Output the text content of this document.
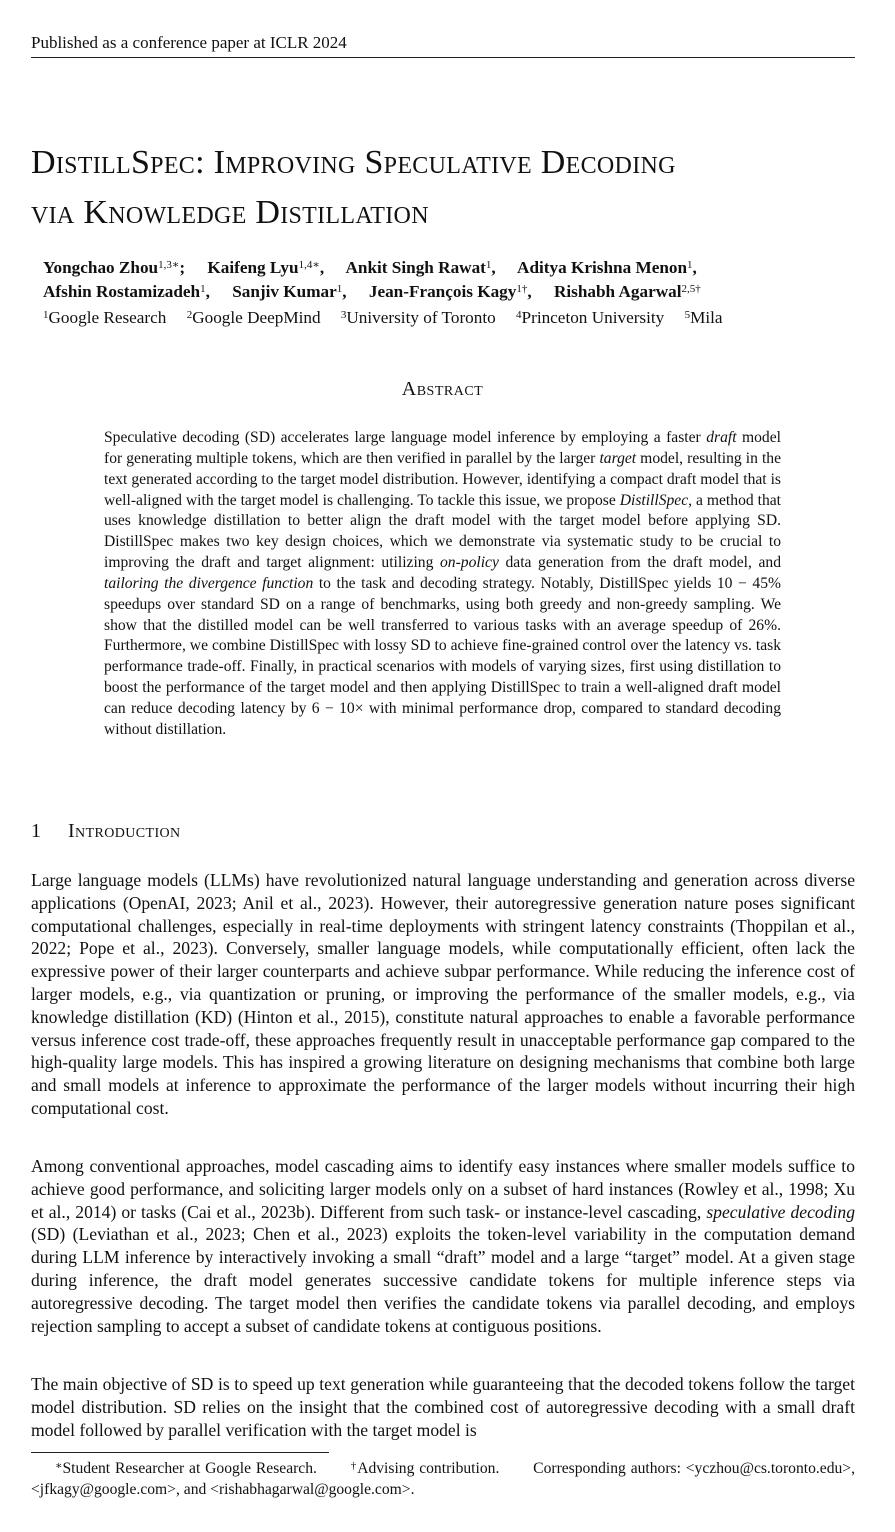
Published as a conference paper at ICLR 2024
DistillSpec: Improving Speculative Decoding
via Knowledge Distillation
Yongchao Zhou$^{1,3∗}$; Kaifeng Lyu$^{1,4∗}$, Ankit Singh Rawat$^1$, Aditya Krishna Menon$^1$,
Afshin Rostamizadeh$^1$, Sanjiv Kumar$^1$, Jean-François Kagy$^{1\dagger}$, Rishabh Agarwal$^{2,5\dagger}$
$^1$Google Research $^2$Google DeepMind $^3$University of Toronto $^4$Princeton University $^5$Mila
Abstract

Speculative decoding (SD) accelerates large language model inference by employing a faster draft model for generating multiple tokens, which are then verified in parallel by the larger target model, resulting in the text generated according to the target model distribution. However, identifying a compact draft model that is well-aligned with the target model is challenging. To tackle this issue, we propose DistillSpec, a method that uses knowledge distillation to better align the draft model with the target model before applying SD. DistillSpec makes two key design choices, which we demonstrate via systematic study to be crucial to improving the draft and target alignment: utilizing on-policy data generation from the draft model, and tailoring the divergence function to the task and decoding strategy. Notably, DistillSpec yields 10 − 45% speedups over standard SD on a range of benchmarks, using both greedy and non-greedy sampling. We show that the distilled model can be well transferred to various tasks with an average speedup of 26%. Furthermore, we combine DistillSpec with lossy SD to achieve fine-grained control over the latency vs. task performance trade-off. Finally, in practical scenarios with models of varying sizes, first using distillation to boost the performance of the target model and then applying DistillSpec to train a well-aligned draft model can reduce decoding latency by 6 − 10× with minimal performance drop, compared to standard decoding without distillation.

1 Introduction

Large language models (LLMs) have revolutionized natural language understanding and generation across diverse applications (OpenAI, 2023; Anil et al., 2023). However, their autoregressive generation nature poses significant computational challenges, especially in real-time deployments with stringent latency constraints (Thoppilan et al., 2022; Pope et al., 2023). Conversely, smaller language models, while computationally efficient, often lack the expressive power of their larger counterparts and achieve subpar performance. While reducing the inference cost of larger models, e.g., via quantization or pruning, or improving the performance of the smaller models, e.g., via knowledge distillation (KD) (Hinton et al., 2015), constitute natural approaches to enable a favorable performance versus inference cost trade-off, these approaches frequently result in unacceptable performance gap compared to the high-quality large models. This has inspired a growing literature on designing mechanisms that combine both large and small models at inference to approximate the performance of the larger models without incurring their high computational cost.

Among conventional approaches, model cascading aims to identify easy instances where smaller models suffice to achieve good performance, and soliciting larger models only on a subset of hard instances (Rowley et al., 1998; Xu et al., 2014) or tasks (Cai et al., 2023b). Different from such task- or instance-level cascading, speculative decoding (SD) (Leviathan et al., 2023; Chen et al., 2023) exploits the token-level variability in the computation demand during LLM inference by interactively invoking a small “draft” model and a large “target” model. At a given stage during inference, the draft model generates successive candidate tokens for multiple inference steps via autoregressive decoding. The target model then verifies the candidate tokens via parallel decoding, and employs rejection sampling to accept a subset of candidate tokens at contiguous positions.

The main objective of SD is to speed up text generation while guaranteeing that the decoded tokens follow the target model distribution. SD relies on the insight that the combined cost of autoregressive decoding with a small draft model followed by parallel verification with the target model is

∗Student Researcher at Google Research.	†Advising contribution. Corresponding authors: <yczhou@cs.toronto.edu>, <jfkagy@google.com>, and <rishabhagarwal@google.com>.
